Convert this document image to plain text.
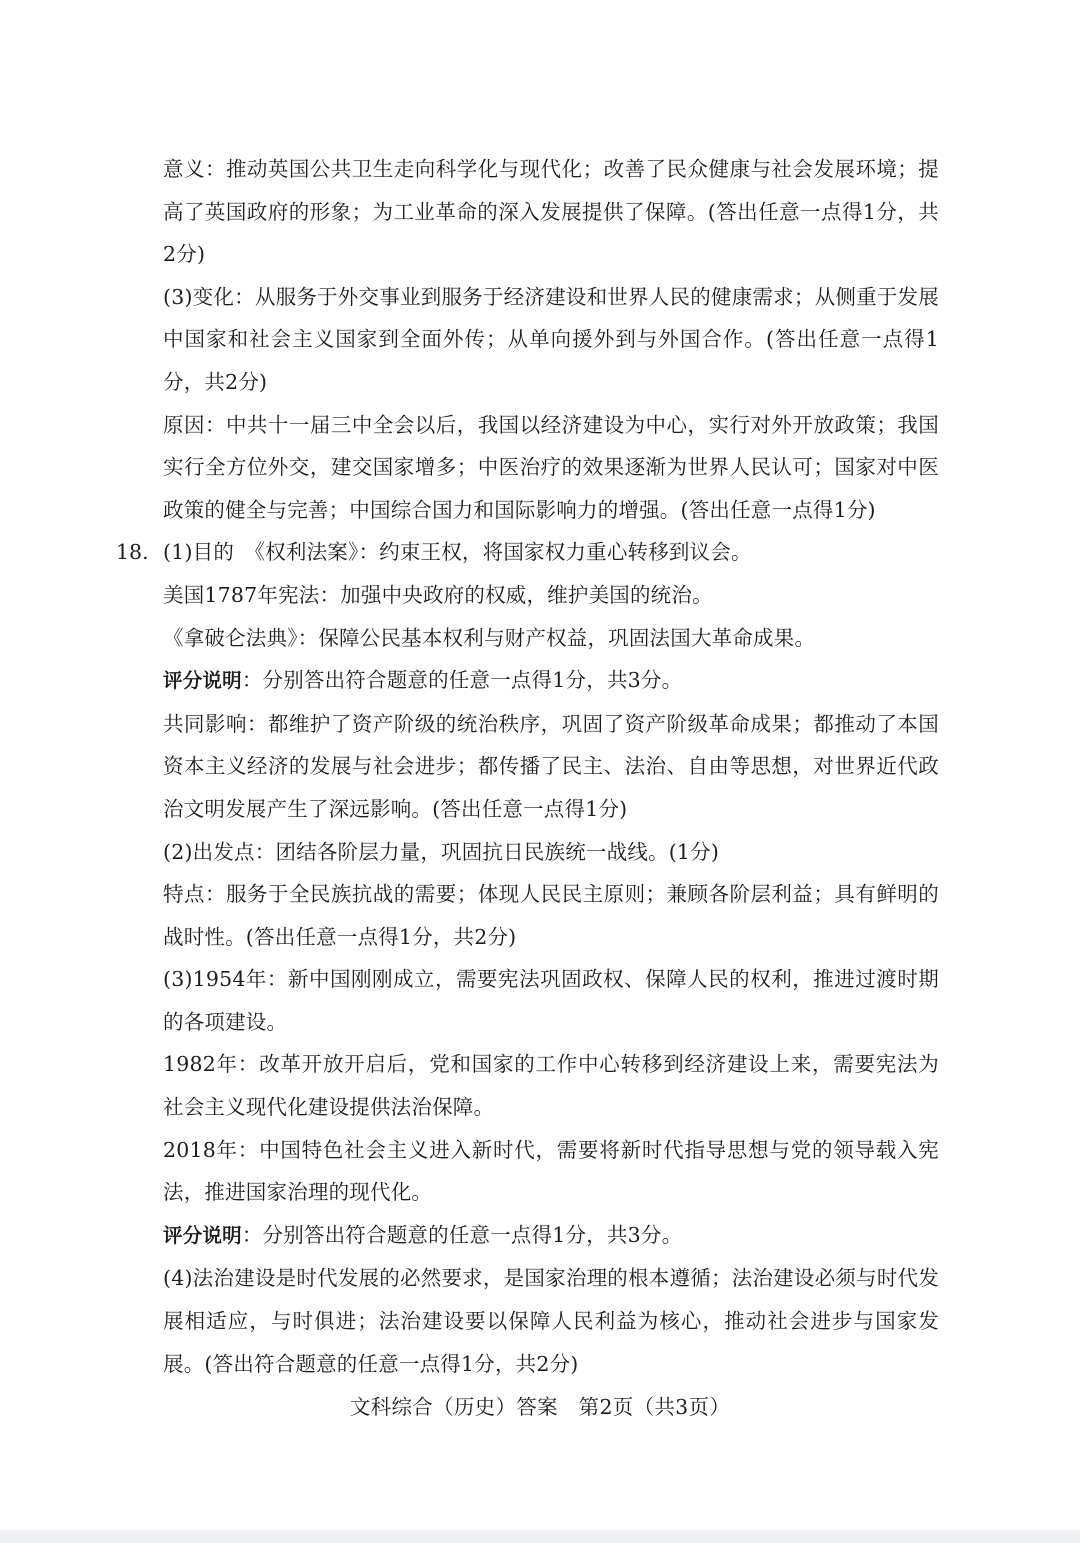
意义：推动英国公共卫生走向科学化与现代化；改善了民众健康与社会发展环境；提高了英国政府的形象；为工业革命的深入发展提供了保障。(答出任意一点得1分，共2分)

(3)变化：从服务于外交事业到服务于经济建设和世界人民的健康需求；从侧重于发展中国家和社会主义国家到全面外传；从单向援外到与外国合作。(答出任意一点得1分，共2分)

原因：中共十一届三中全会以后，我国以经济建设为中心，实行对外开放政策；我国实行全方位外交，建交国家增多；中医治疗的效果逐渐为世界人民认可；国家对中医政策的健全与完善；中国综合国力和国际影响力的增强。(答出任意一点得1分)

18. (1)目的　《权利法案》：约束王权，将国家权力重心转移到议会。

美国1787年宪法：加强中央政府的权威，维护美国的统治。

《拿破仑法典》：保障公民基本权利与财产权益，巩固法国大革命成果。

评分说明：分别答出符合题意的任意一点得1分，共3分。

共同影响：都维护了资产阶级的统治秩序，巩固了资产阶级革命成果；都推动了本国资本主义经济的发展与社会进步；都传播了民主、法治、自由等思想，对世界近代政治文明发展产生了深远影响。(答出任意一点得1分)

(2)出发点：团结各阶层力量，巩固抗日民族统一战线。(1分)

特点：服务于全民族抗战的需要；体现人民民主原则；兼顾各阶层利益；具有鲜明的战时性。(答出任意一点得1分，共2分)

(3)1954年：新中国刚刚成立，需要宪法巩固政权、保障人民的权利，推进过渡时期的各项建设。

1982年：改革开放开启后，党和国家的工作中心转移到经济建设上来，需要宪法为社会主义现代化建设提供法治保障。

2018年：中国特色社会主义进入新时代，需要将新时代指导思想与党的领导载入宪法，推进国家治理的现代化。

评分说明：分别答出符合题意的任意一点得1分，共3分。

(4)法治建设是时代发展的必然要求，是国家治理的根本遵循；法治建设必须与时代发展相适应，与时俱进；法治建设要以保障人民利益为核心，推动社会进步与国家发展。(答出符合题意的任意一点得1分，共2分)

文科综合（历史）答案　第2页（共3页）
